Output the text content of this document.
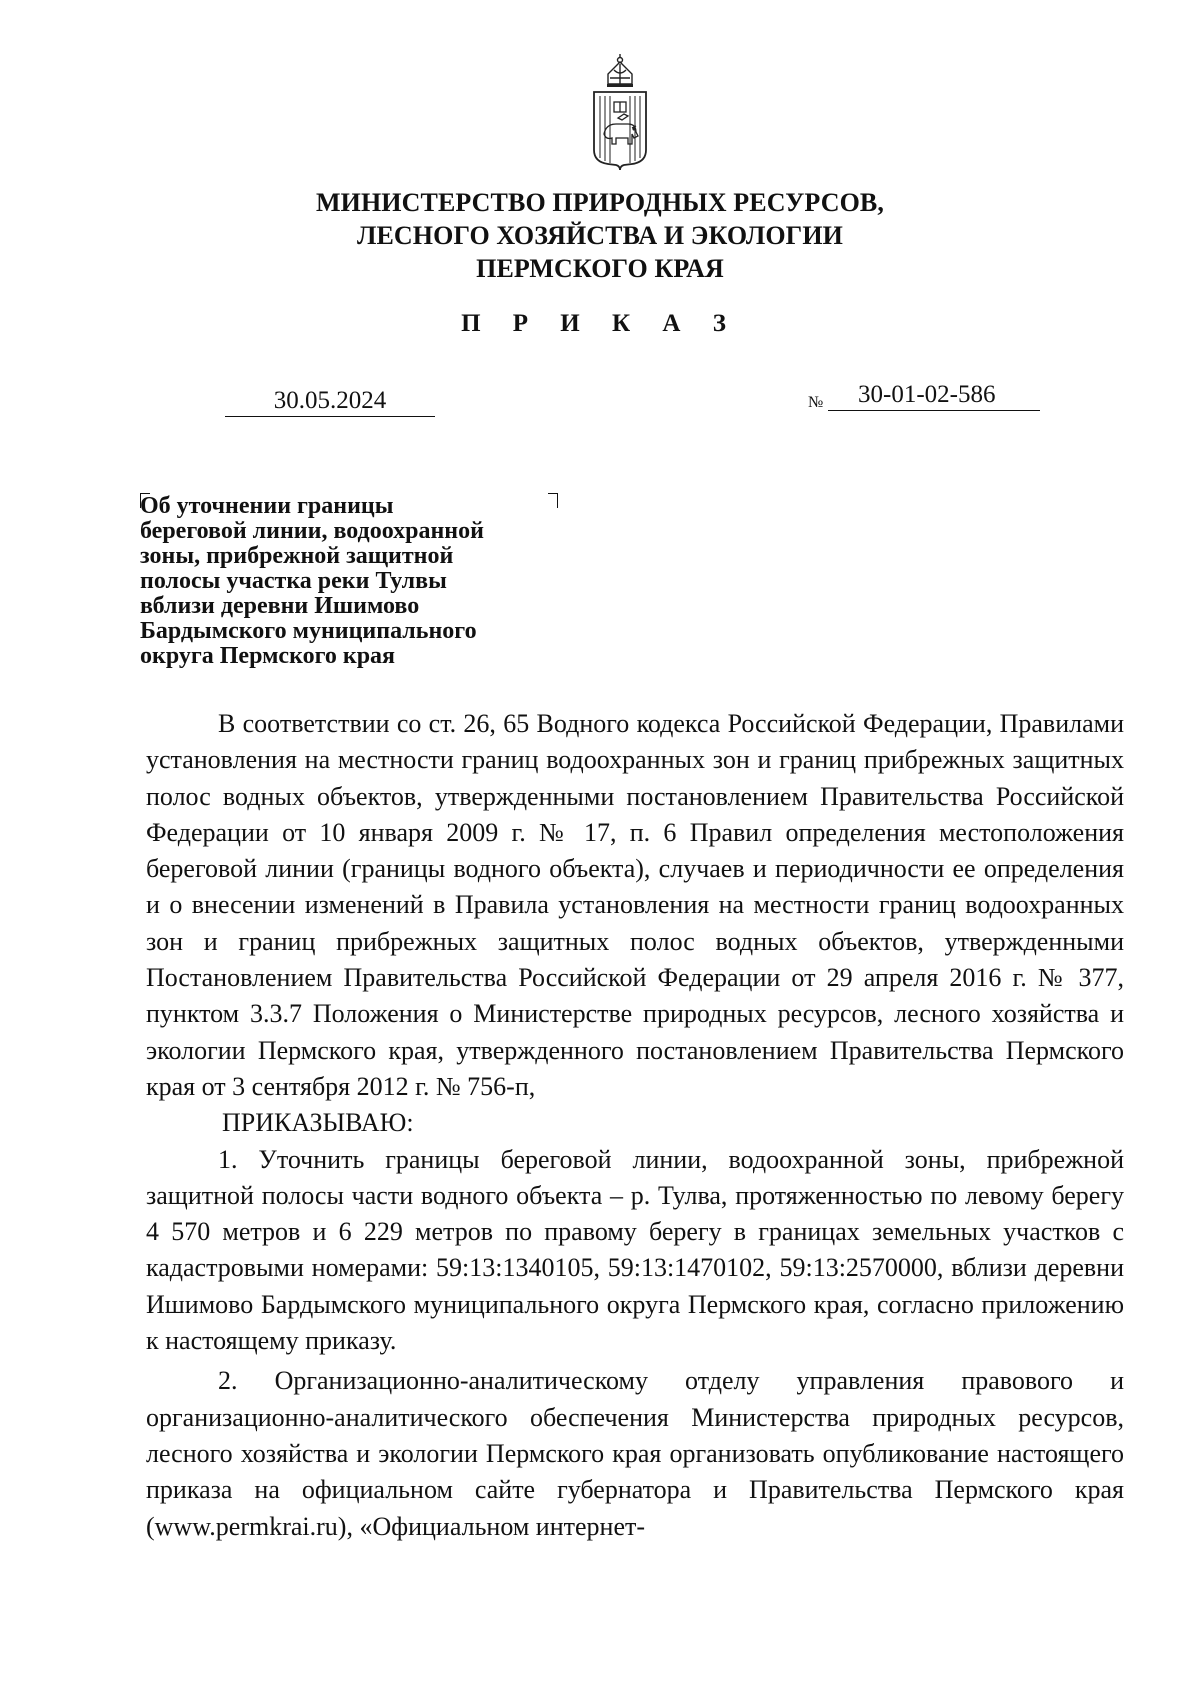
МИНИСТЕРСТВО ПРИРОДНЫХ РЕСУРСОВ,
ЛЕСНОГО ХОЗЯЙСТВА И ЭКОЛОГИИ
ПЕРМСКОГО КРАЯ
П Р И К А З
30.05.2024	№	30-01-02-586
Об уточнении границы
береговой линии, водоохранной
зоны, прибрежной защитной
полосы участка реки Тулвы
вблизи деревни Ишимово
Бардымского муниципального
округа Пермского края

В соответствии со ст. 26, 65 Водного кодекса Российской Федерации, Правилами установления на местности границ водоохранных зон и границ прибрежных защитных полос водных объектов, утвержденными постановлением Правительства Российской Федерации от 10 января 2009 г. № 17, п. 6 Правил определения местоположения береговой линии (границы водного объекта), случаев и периодичности ее определения и о внесении изменений в Правила установления на местности границ водоохранных зон и границ прибрежных защитных полос водных объектов, утвержденными Постановлением Правительства Российской Федерации от 29 апреля 2016 г. № 377, пунктом 3.3.7 Положения о Министерстве природных ресурсов, лесного хозяйства и экологии Пермского края, утвержденного постановлением Правительства Пермского края от 3 сентября 2012 г. № 756-п,

ПРИКАЗЫВАЮ:

1. Уточнить границы береговой линии, водоохранной зоны, прибрежной защитной полосы части водного объекта – р. Тулва, протяженностью по левому берегу 4 570 метров и 6 229 метров по правому берегу в границах земельных участков с кадастровыми номерами: 59:13:1340105, 59:13:1470102, 59:13:2570000, вблизи деревни Ишимово Бардымского муниципального округа Пермского края, согласно приложению к настоящему приказу.

2. Организационно-аналитическому отделу управления правового и организационно-аналитического обеспечения Министерства природных ресурсов, лесного хозяйства и экологии Пермского края организовать опубликование настоящего приказа на официальном сайте губернатора и Правительства Пермского края (www.permkrai.ru), «Официальном интернет-
